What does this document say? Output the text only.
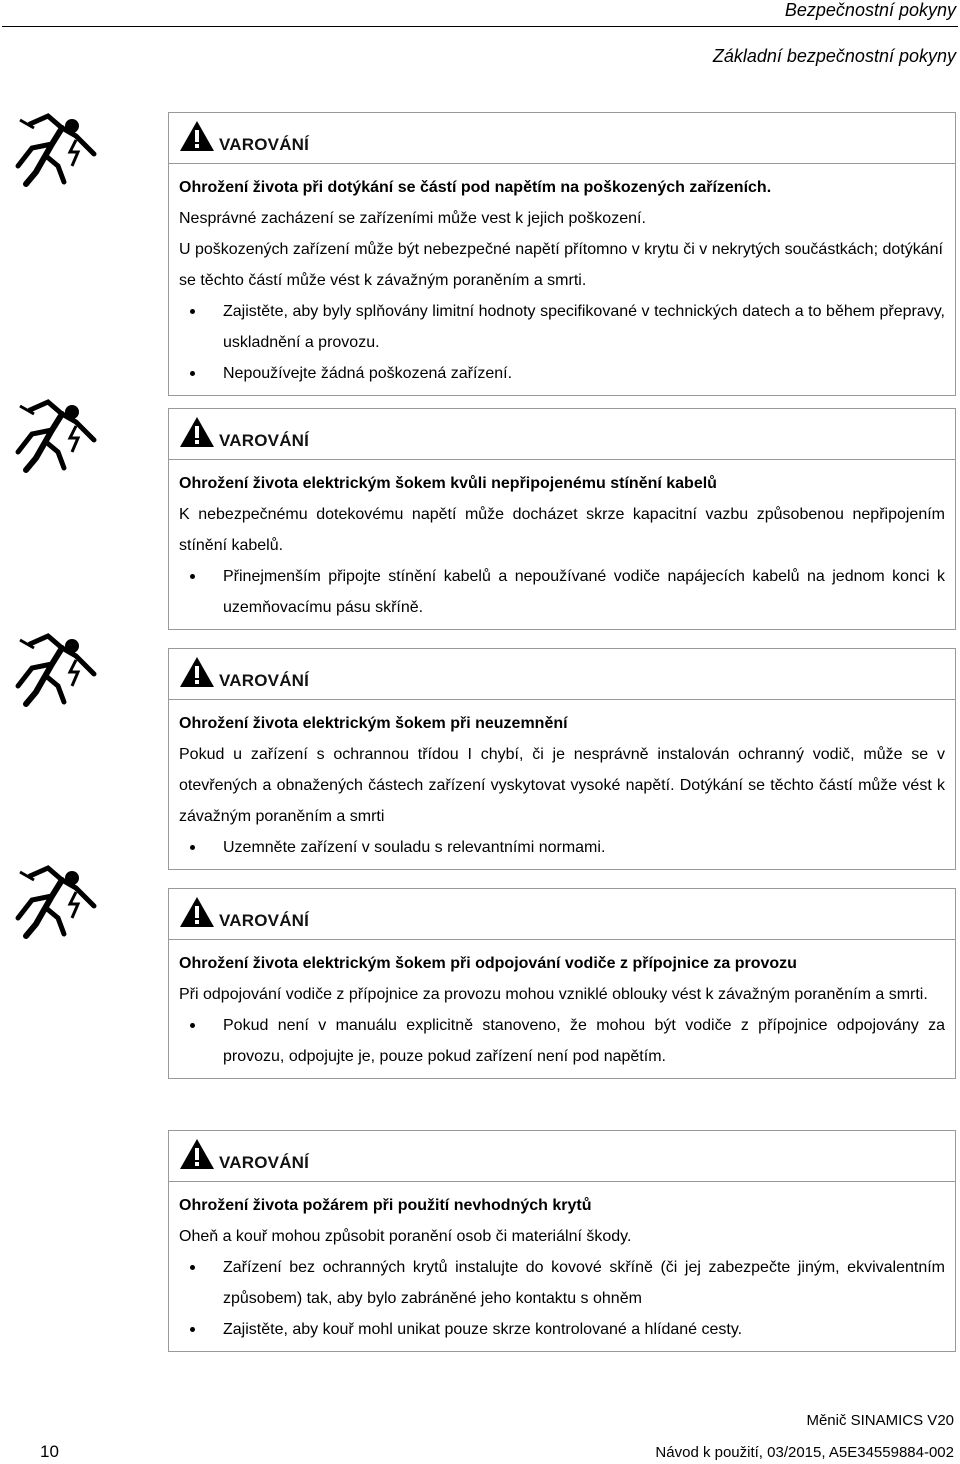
Bezpečnostní pokyny
Základní bezpečnostní pokyny
VAROVÁNÍ

Ohrožení života při dotýkání se částí pod napětím na poškozených zařízeních.

Nesprávné zacházení se zařízeními může vest k jejich poškození.

U poškozených zařízení může být nebezpečné napětí přítomno v krytu či v nekrytých součástkách; dotýkání se těchto částí může vést k závažným poraněním a smrti.

Zajistěte, aby byly splňovány limitní hodnoty specifikované v technických datech a to během přepravy, uskladnění a provozu.
Nepoužívejte žádná poškozená zařízení.
VAROVÁNÍ

Ohrožení života elektrickým šokem kvůli nepřipojenému stínění kabelů

K nebezpečnému dotekovému napětí může docházet skrze kapacitní vazbu způsobenou nepřipojením stínění kabelů.

Přinejmenším připojte stínění kabelů a nepoužívané vodiče napájecích kabelů na jednom konci k uzemňovacímu pásu skříně.
VAROVÁNÍ

Ohrožení života elektrickým šokem při neuzemnění

Pokud u zařízení s ochrannou třídou I chybí, či je nesprávně instalován ochranný vodič, může se v otevřených a obnažených částech zařízení vyskytovat vysoké napětí. Dotýkání se těchto částí může vést k závažným poraněním a smrti

Uzemněte zařízení v souladu s relevantními normami.
VAROVÁNÍ

Ohrožení života elektrickým šokem při odpojování vodiče z přípojnice za provozu

Při odpojování vodiče z přípojnice za provozu mohou vzniklé oblouky vést k závažným poraněním a smrti.

Pokud není v manuálu explicitně stanoveno, že mohou být vodiče z přípojnice odpojovány za provozu, odpojujte je, pouze pokud zařízení není pod napětím.
VAROVÁNÍ

Ohrožení života požárem při použití nevhodných krytů

Oheň a kouř mohou způsobit poranění osob či materiální škody.

Zařízení bez ochranných krytů instalujte do kovové skříně (či jej zabezpečte jiným, ekvivalentním způsobem) tak, aby bylo zabráněné jeho kontaktu s ohněm
Zajistěte, aby kouř mohl unikat pouze skrze kontrolované a hlídané cesty.
Měnič SINAMICS V20
10	Návod k použití, 03/2015, A5E34559884-002
